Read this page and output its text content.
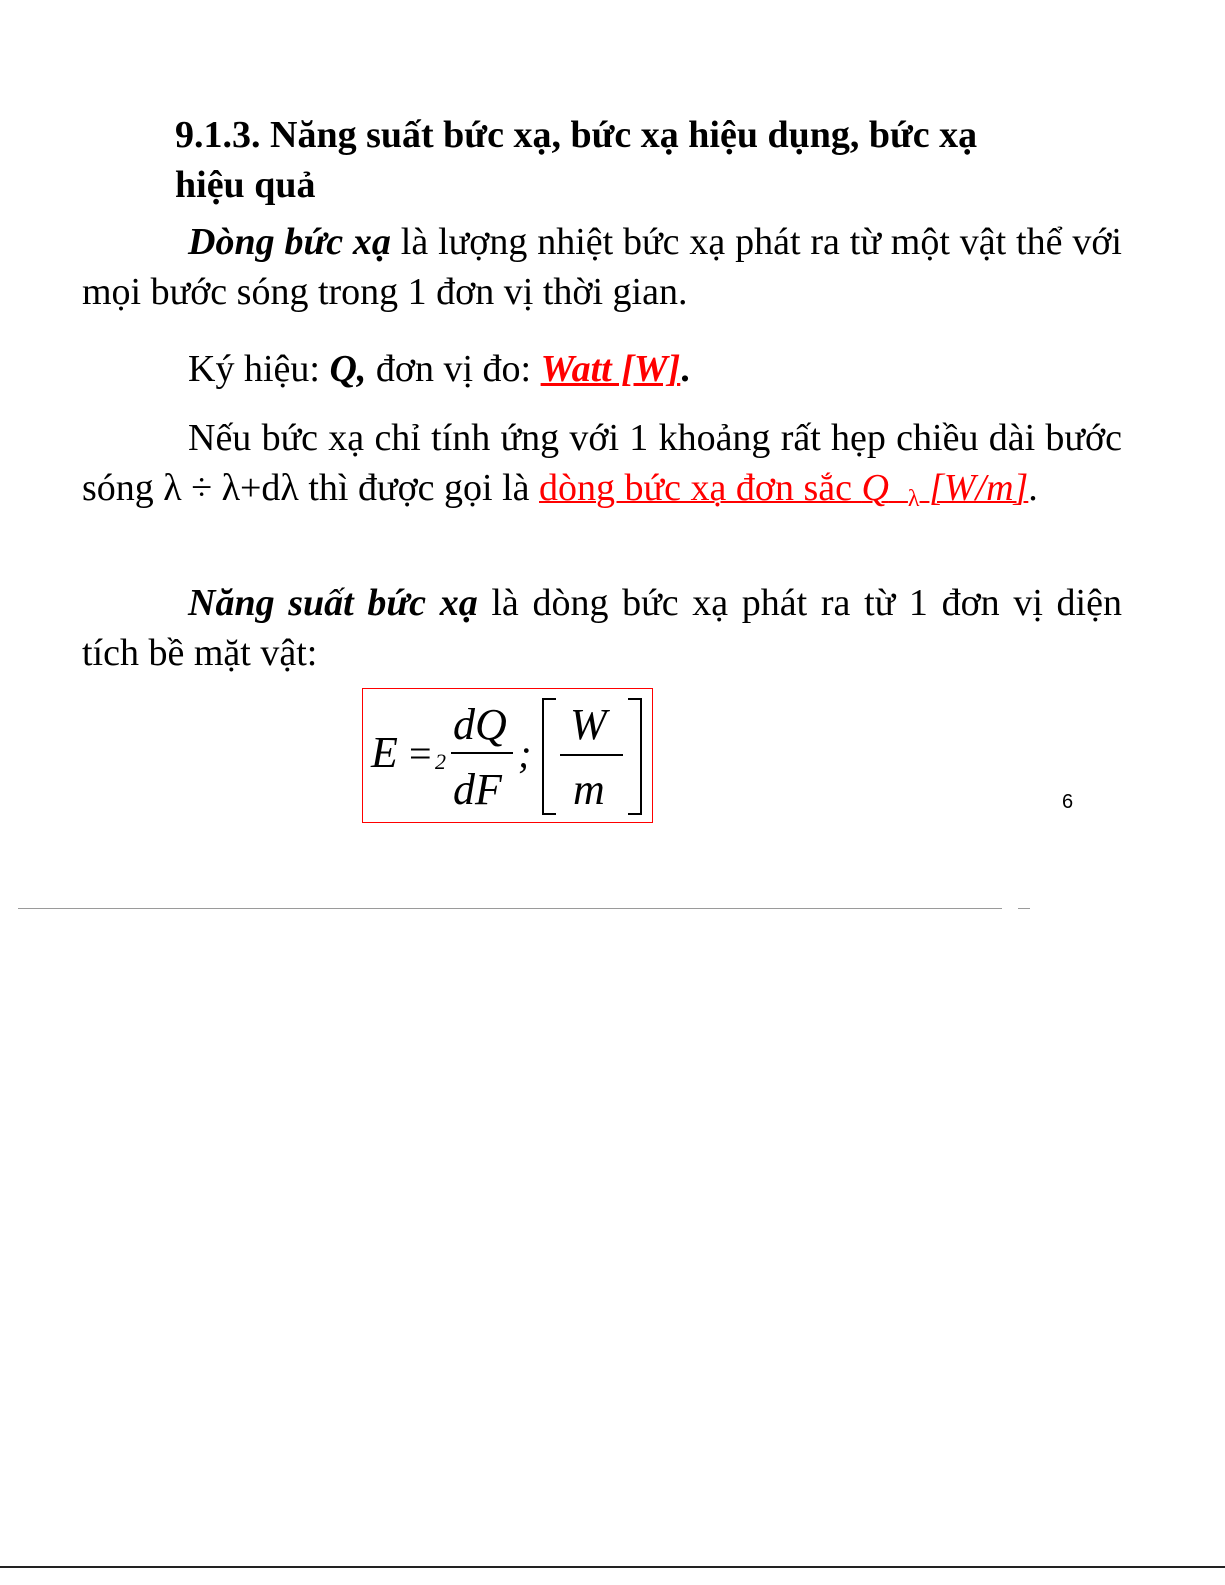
9.1.3. Năng suất bức xạ, bức xạ hiệu dụng, bức xạ
hiệu quả

Dòng bức xạ là lượng nhiệt bức xạ phát ra từ một vật thể với mọi bước sóng trong 1 đơn vị thời gian.

Ký hiệu: Q, đơn vị đo: Watt [W].

Nếu bức xạ chỉ tính ứng với 1 khoảng rất hẹp chiều dài bước sóng λ ÷ λ+dλ thì được gọi là dòng bức xạ đơn sắc Q λ [W/m].

Năng suất bức xạ là dòng bức xạ phát ra từ 1 đơn vị diện tích bề mặt vật:

E = 2
dQ
dF
;
W
m	6
